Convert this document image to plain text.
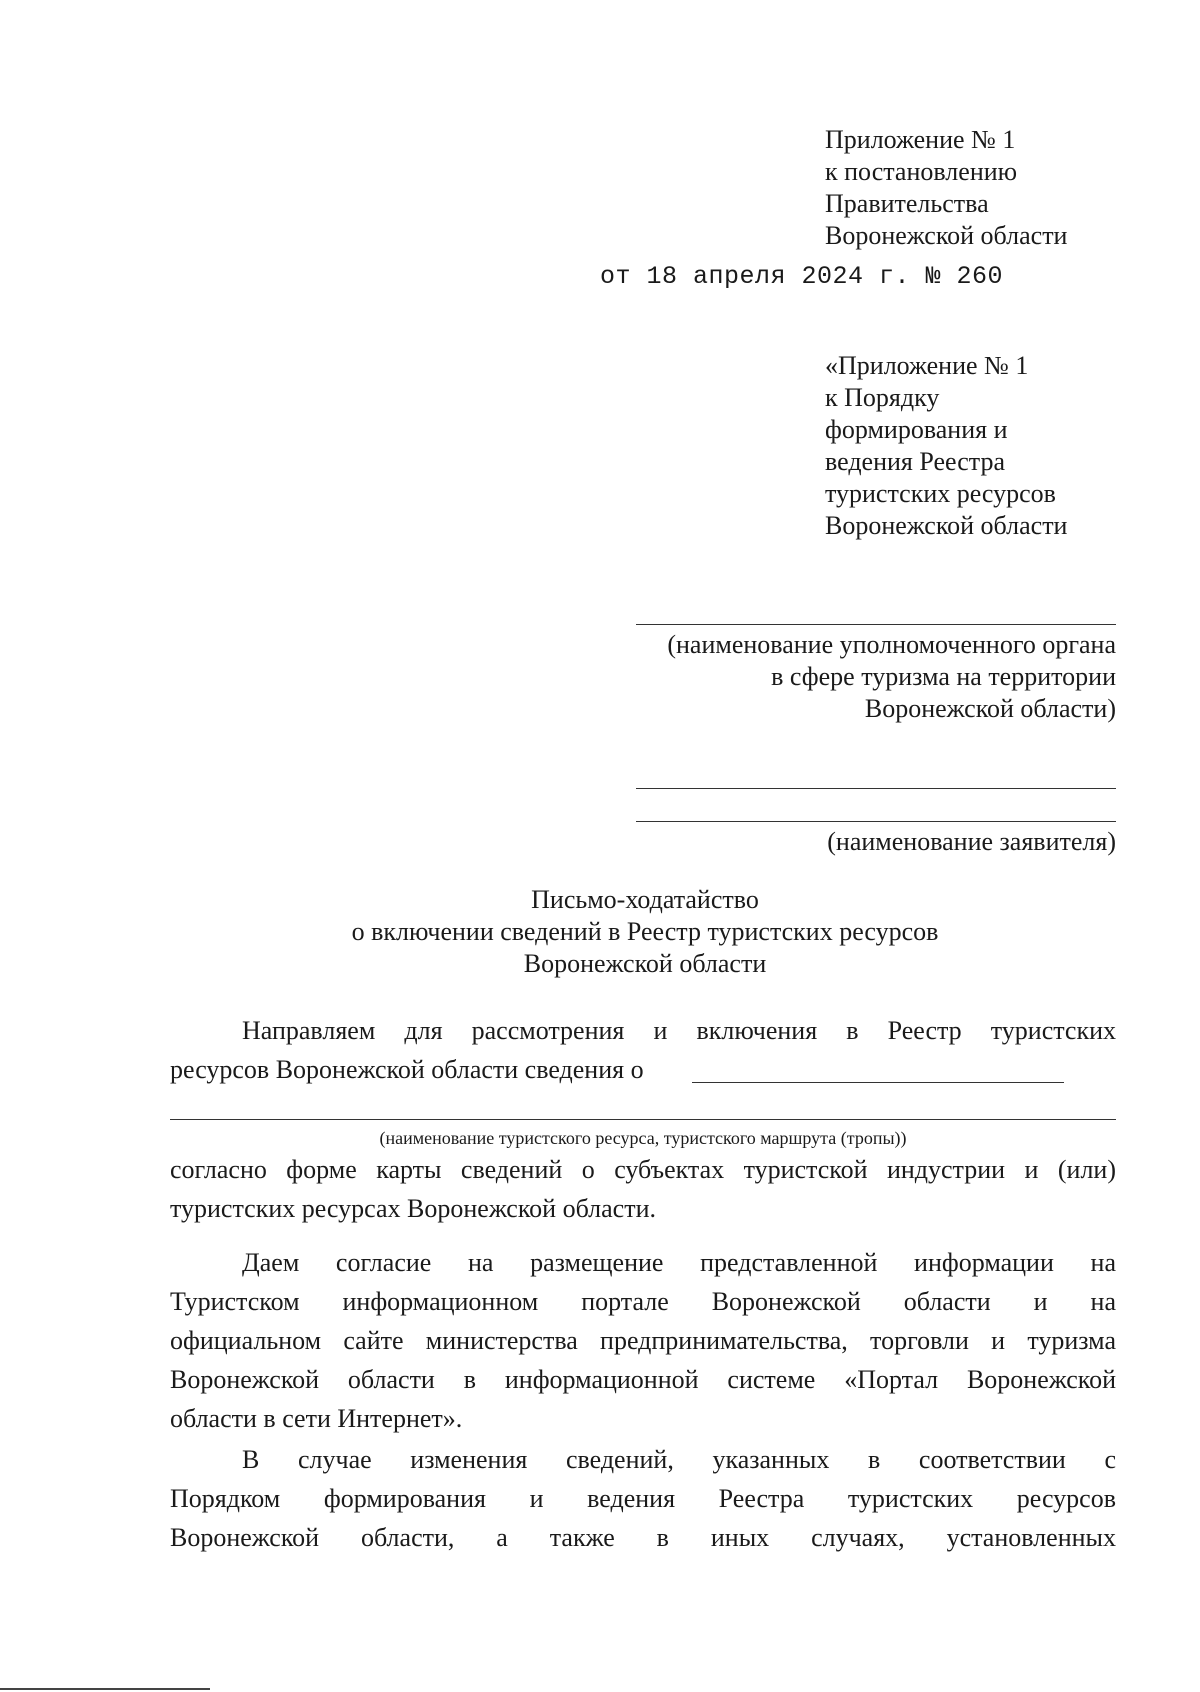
Приложение № 1
к постановлению
Правительства
Воронежской области
от 18 апреля 2024 г. № 260
«Приложение № 1
к Порядку
формирования и
ведения Реестра
туристских ресурсов
Воронежской области
(наименование уполномоченного органа
в сфере туризма на территории
Воронежской области)
(наименование заявителя)
Письмо-ходатайство
о включении сведений в Реестр туристских ресурсов
Воронежской области
Направляем для рассмотрения и включения в Реестр туристских
ресурсов Воронежской области сведения о
(наименование туристского ресурса, туристского маршрута (тропы))
согласно форме карты сведений о субъектах туристской индустрии и (или)
туристских ресурсах Воронежской области.
Даем согласие на размещение представленной информации на
Туристском информационном портале Воронежской области и на
официальном сайте министерства предпринимательства, торговли и туризма
Воронежской области в информационной системе «Портал Воронежской
области в сети Интернет».
В случае изменения сведений, указанных в соответствии с
Порядком формирования и ведения Реестра туристских ресурсов
Воронежской области, а также в иных случаях, установленных
